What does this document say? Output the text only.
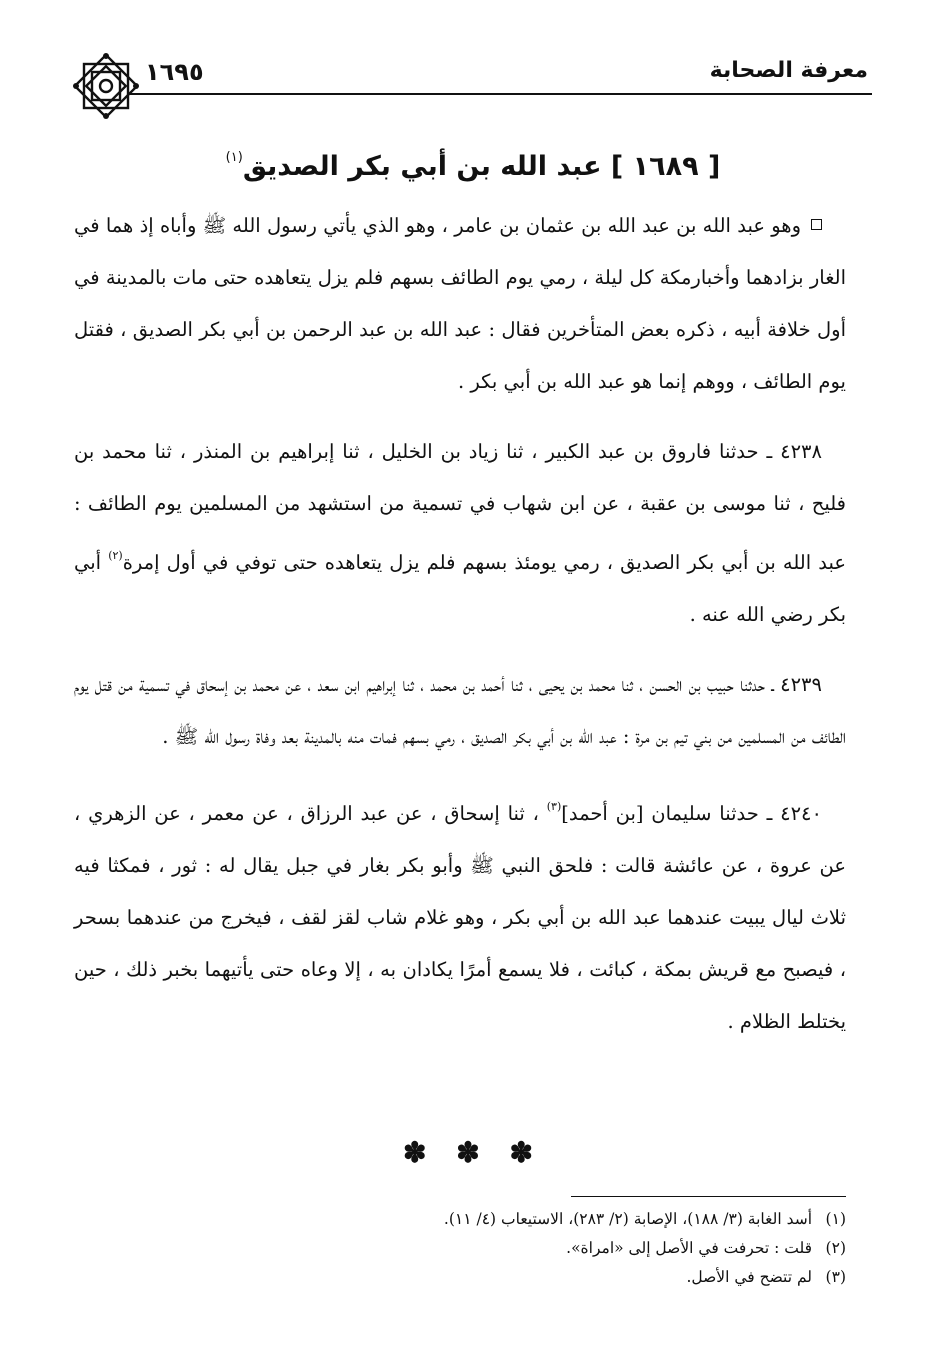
معرفة الصحابة
١٦٩٥
[ ١٦٨٩ ] عبد الله بن أبي بكر الصديق$^{(١)}$

وهو عبد الله بن عبد الله بن عثمان بن عامر ، وهو الذي يأتي رسول الله ﷺ وأباه إذ هما في الغار بزادهما وأخبارمكة كل ليلة ، رمي يوم الطائف بسهم فلم يزل يتعاهده حتى مات بالمدينة في أول خلافة أبيه ، ذكره بعض المتأخرين فقال : عبد الله بن عبد الرحمن بن أبي بكر الصديق ، فقتل يوم الطائف ، ووهم إنما هو عبد الله بن أبي بكر .

٤٢٣٨ ـ حدثنا فاروق بن عبد الكبير ، ثنا زياد بن الخليل ، ثنا إبراهيم بن المنذر ، ثنا محمد بن فليح ، ثنا موسى بن عقبة ، عن ابن شهاب في تسمية من استشهد من المسلمين يوم الطائف : عبد الله بن أبي بكر الصديق ، رمي يومئذ بسهم فلم يزل يتعاهده حتى توفي في أول إمرة$^{(٢)}$ أبي بكر رضي الله عنه .

٤٢٣٩ ـ حدثنا حبيب بن الحسن ، ثنا محمد بن يحيى ، ثنا أحمد بن محمد ، ثنا إبراهيم ابن سعد ، عن محمد بن إسحاق في تسمية من قتل يوم الطائف من المسلمين من بني تيم بن مرة : عبد الله بن أبي بكر الصديق ، رمي بسهم فمات منه بالمدينة بعد وفاة رسول الله ﷺ .

٤٢٤٠ ـ حدثنا سليمان [بن أحمد]$^{(٣)}$ ، ثنا إسحاق ، عن عبد الرزاق ، عن معمر ، عن الزهري ، عن عروة ، عن عائشة قالت : فلحق النبي ﷺ وأبو بكر بغار في جبل يقال له : ثور ، فمكثا فيه ثلاث ليال يبيت عندهما عبد الله بن أبي بكر ، وهو غلام شاب لقز لقف ، فيخرج من عندهما بسحر ، فيصبح مع قريش بمكة ، كبائت ، فلا يسمع أمرًا يكادان به ، إلا وعاه حتى يأتيهما بخبر ذلك ، حين يختلط الظلام .

✽ ✽ ✽
(١)أسد الغابة (٣/ ١٨٨)، الإصابة (٢/ ٢٨٣)، الاستيعاب (٤/ ١١).
(٢)قلت : تحرفت في الأصل إلى «امراة».
(٣)لم تتضح في الأصل.
